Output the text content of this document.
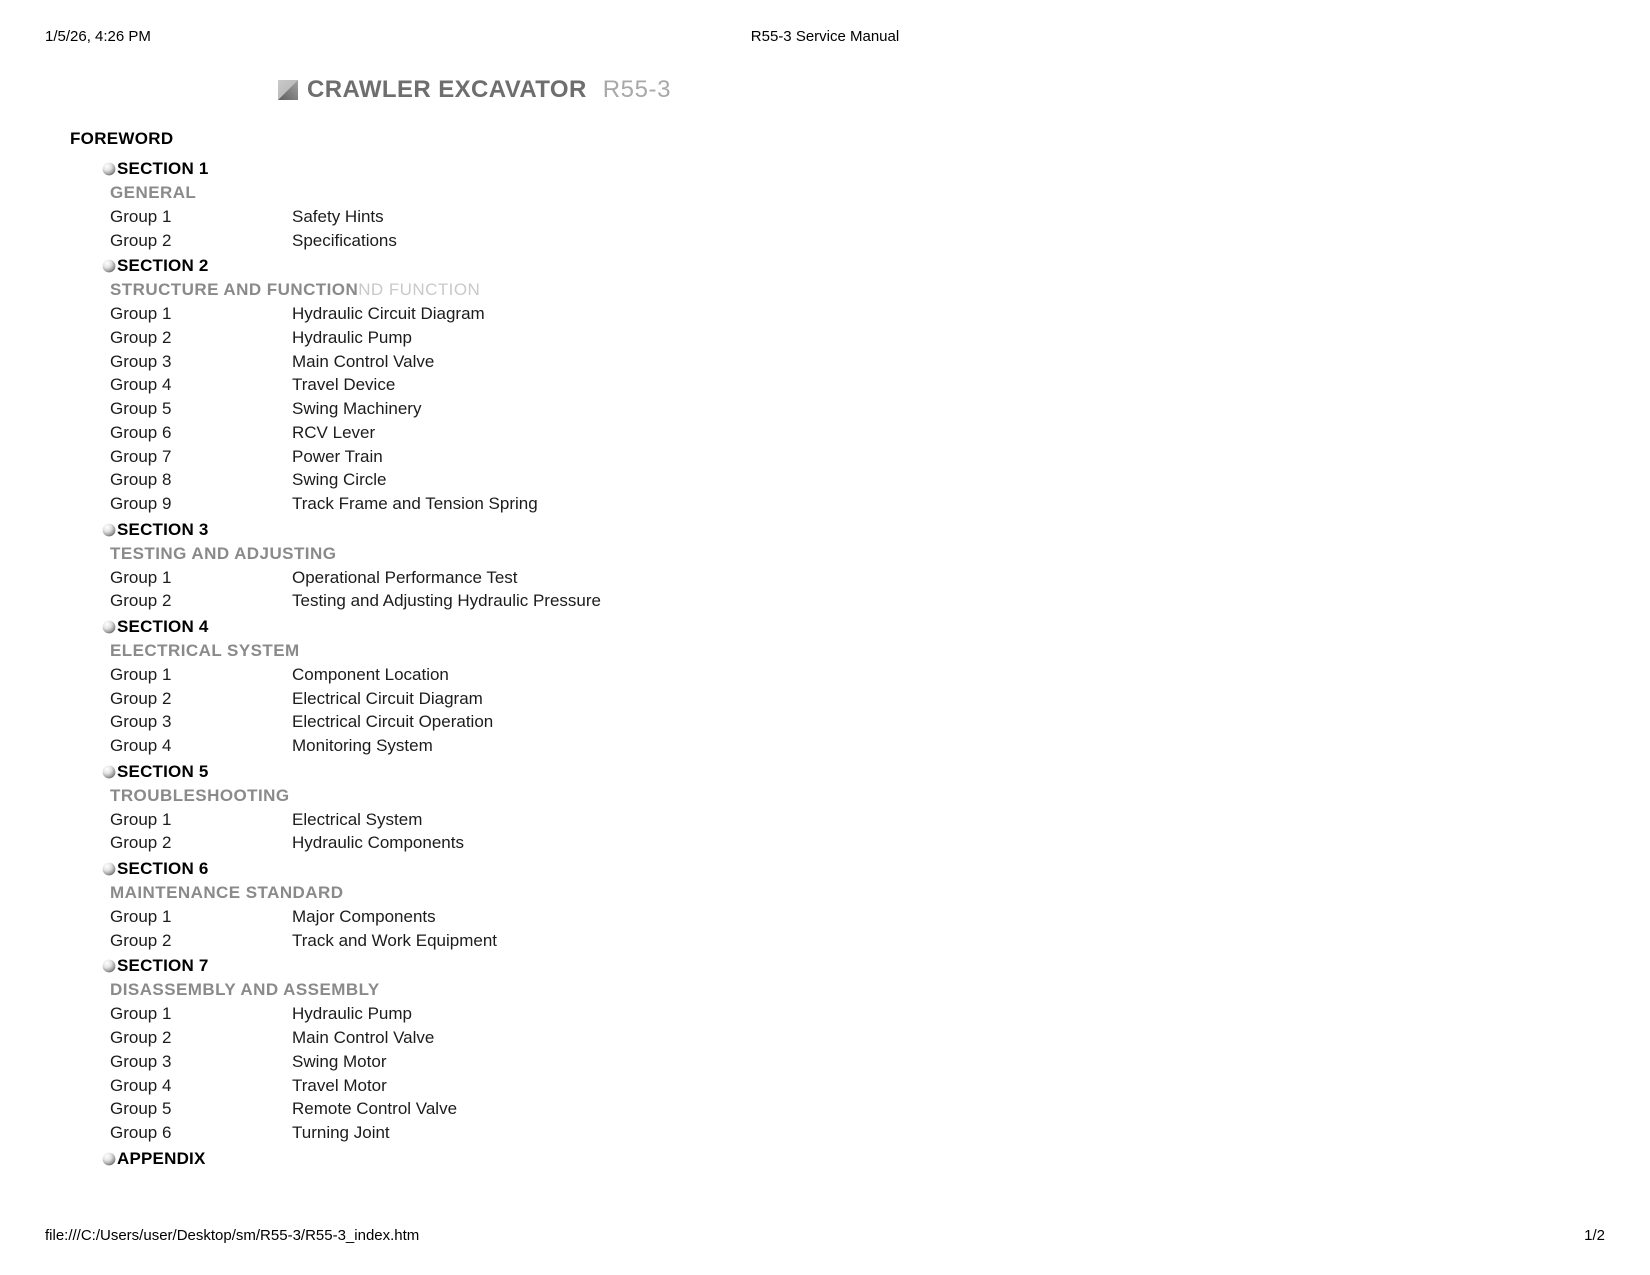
1/5/26, 4:26 PM	R55-3 Service Manual
CRAWLER EXCAVATOR R55-3
FOREWORD
SECTION 1
GENERAL
Group 1	Safety Hints
Group 2	Specifications
SECTION 2
STRUCTURE AND FUNCTIONND FUNCTION
Group 1	Hydraulic Circuit Diagram
Group 2	Hydraulic Pump
Group 3	Main Control Valve
Group 4	Travel Device
Group 5	Swing Machinery
Group 6	RCV Lever
Group 7	Power Train
Group 8	Swing Circle
Group 9	Track Frame and Tension Spring
SECTION 3
TESTING AND ADJUSTING
Group 1	Operational Performance Test
Group 2	Testing and Adjusting Hydraulic Pressure
SECTION 4
ELECTRICAL SYSTEM
Group 1	Component Location
Group 2	Electrical Circuit Diagram
Group 3	Electrical Circuit Operation
Group 4	Monitoring System
SECTION 5
TROUBLESHOOTING
Group 1	Electrical System
Group 2	Hydraulic Components
SECTION 6
MAINTENANCE STANDARD
Group 1	Major Components
Group 2	Track and Work Equipment
SECTION 7
DISASSEMBLY AND ASSEMBLY
Group 1	Hydraulic Pump
Group 2	Main Control Valve
Group 3	Swing Motor
Group 4	Travel Motor
Group 5	Remote Control Valve
Group 6	Turning Joint
APPENDIX
file:///C:/Users/user/Desktop/sm/R55-3/R55-3_index.htm	1/2
